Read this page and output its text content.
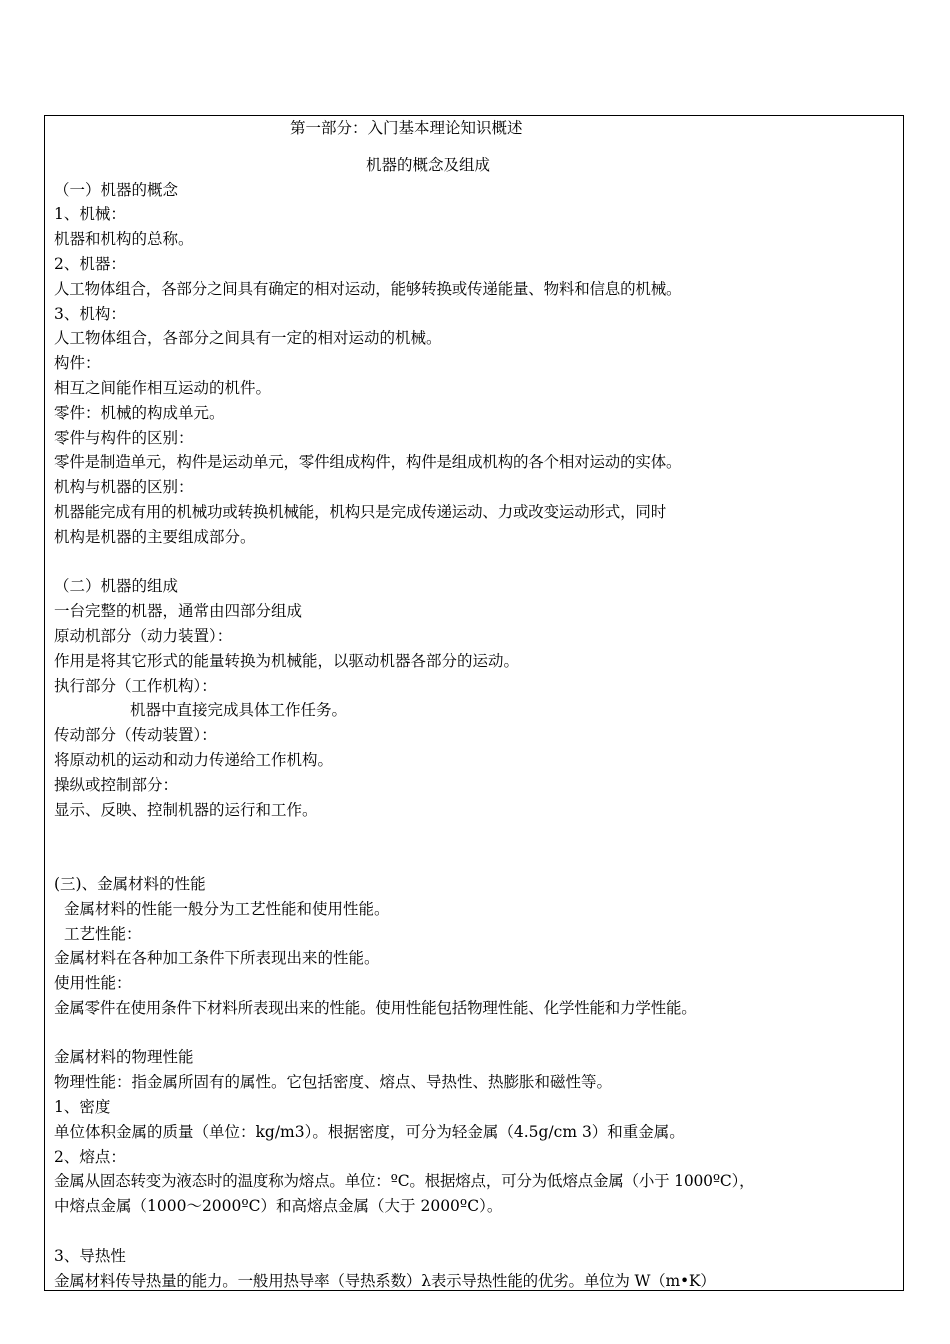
第一部分：入门基本理论知识概述
机器的概念及组成
（一）机器的概念
1、机械：
机器和机构的总称。
2、机器：
人工物体组合，各部分之间具有确定的相对运动，能够转换或传递能量、物料和信息的机械。
3、机构：
人工物体组合，各部分之间具有一定的相对运动的机械。
构件：
相互之间能作相互运动的机件。
零件：机械的构成单元。
零件与构件的区别：
零件是制造单元，构件是运动单元，零件组成构件，构件是组成机构的各个相对运动的实体。
机构与机器的区别：
机器能完成有用的机械功或转换机械能，机构只是完成传递运动、力或改变运动形式，同时
机构是机器的主要组成部分。
（二）机器的组成
一台完整的机器，通常由四部分组成
原动机部分（动力装置）：
作用是将其它形式的能量转换为机械能，以驱动机器各部分的运动。
执行部分（工作机构）：
机器中直接完成具体工作任务。
传动部分（传动装置）：
将原动机的运动和动力传递给工作机构。
操纵或控制部分：
显示、反映、控制机器的运行和工作。
(三)、金属材料的性能
金属材料的性能一般分为工艺性能和使用性能。
工艺性能：
金属材料在各种加工条件下所表现出来的性能。
使用性能：
金属零件在使用条件下材料所表现出来的性能。使用性能包括物理性能、化学性能和力学性能。
金属材料的物理性能
物理性能：指金属所固有的属性。它包括密度、熔点、导热性、热膨胀和磁性等。
1、密度
单位体积金属的质量（单位：kg/m3）。根据密度，可分为轻金属（4.5g/cm 3）和重金属。
2、熔点：
金属从固态转变为液态时的温度称为熔点。单位：ºC。根据熔点，可分为低熔点金属（小于 1000ºC），
中熔点金属（1000～2000ºC）和高熔点金属（大于 2000ºC）。
3、导热性
金属材料传导热量的能力。一般用热导率（导热系数）λ表示导热性能的优劣。单位为 W（m•K）
